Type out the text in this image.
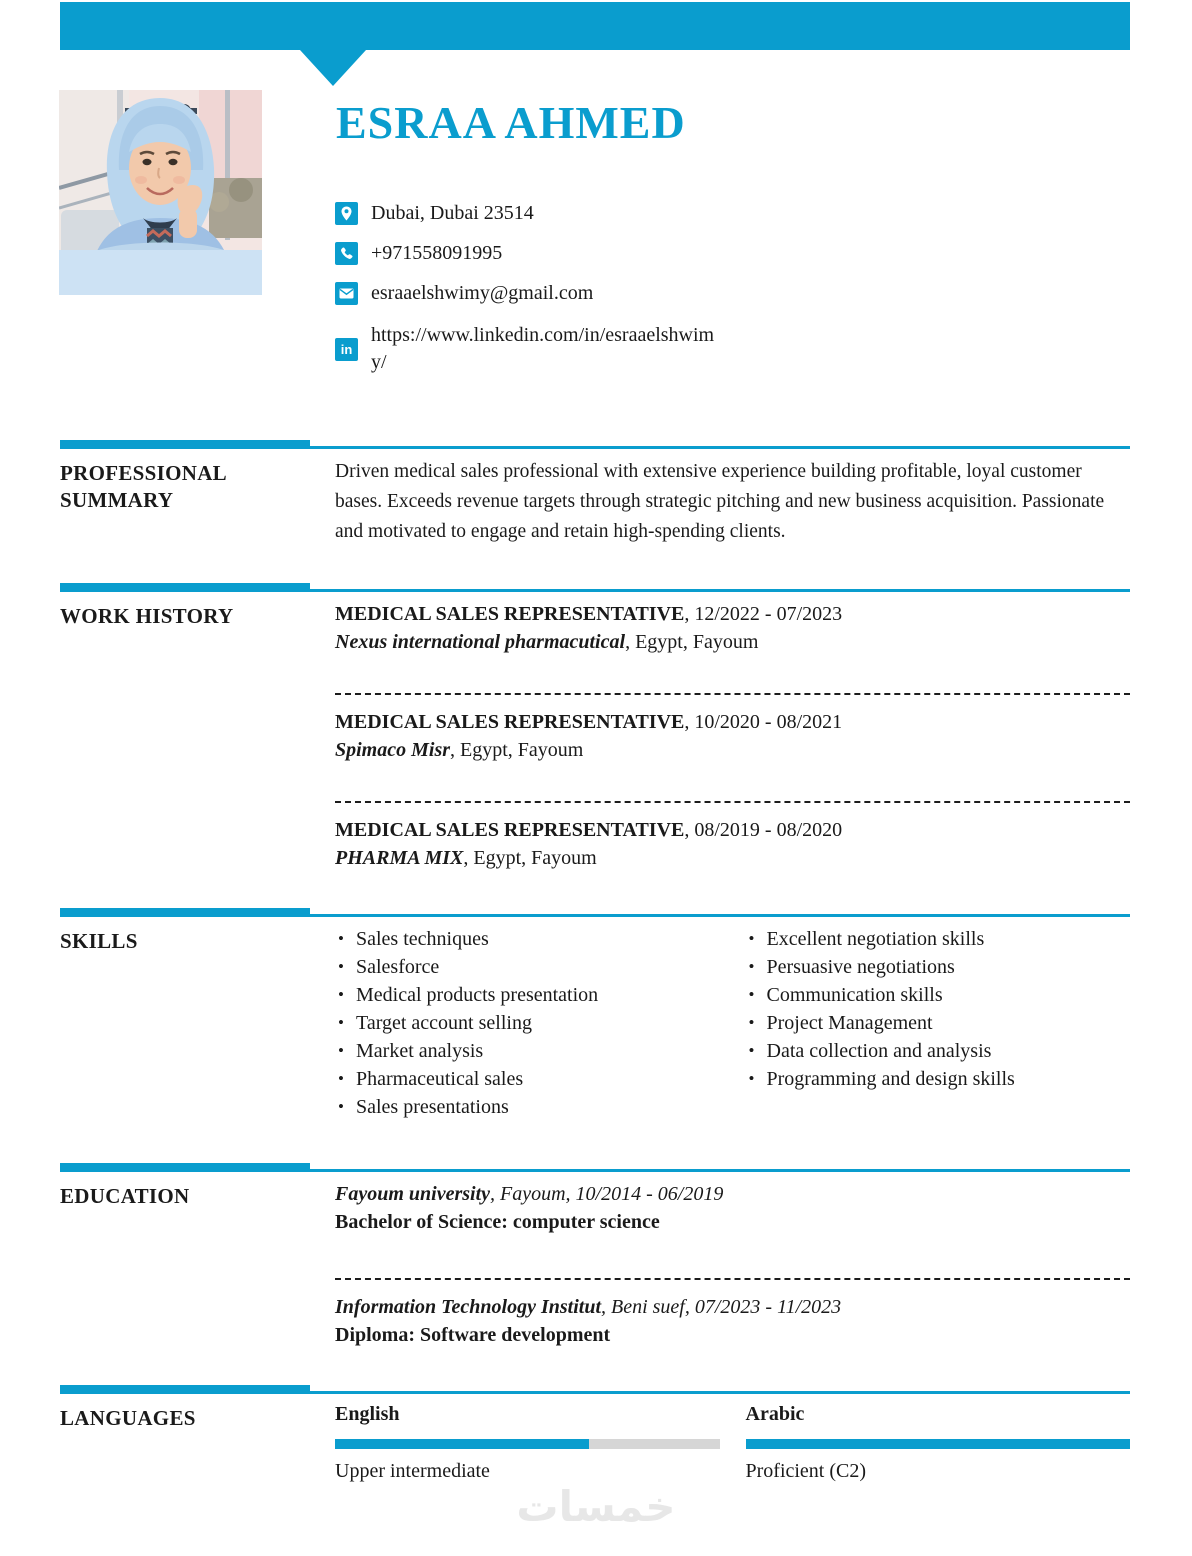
ESRAA AHMED
Dubai, Dubai 23514
+971558091995
esraaelshwimy@gmail.com
in
https://www.linkedin.com/in/esraaelshwimy/
PROFESSIONAL SUMMARY

Driven medical sales professional with extensive experience building profitable, loyal customer bases. Exceeds revenue targets through strategic pitching and new business acquisition. Passionate and motivated to engage and retain high-spending clients.

WORK HISTORY	MEDICAL SALES REPRESENTATIVE, 12/2022 - 07/2023
Nexus international pharmacutical, Egypt, Fayoum
MEDICAL SALES REPRESENTATIVE, 10/2020 - 08/2021
Spimaco Misr, Egypt, Fayoum
MEDICAL SALES REPRESENTATIVE, 08/2019 - 08/2020
PHARMA MIX, Egypt, Fayoum
SKILLS	• Sales techniques
• Salesforce
• Medical products presentation
• Target account selling
• Market analysis
• Pharmaceutical sales
• Sales presentations
• Excellent negotiation skills
• Persuasive negotiations
• Communication skills
• Project Management
• Data collection and analysis
• Programming and design skills
EDUCATION	Fayoum university, Fayoum, 10/2014 - 06/2019
Bachelor of Science: computer science
Information Technology Institut, Beni suef, 07/2023 - 11/2023
Diploma: Software development
LANGUAGES	English
Upper intermediate
Arabic
Proficient (C2)
خمسات
